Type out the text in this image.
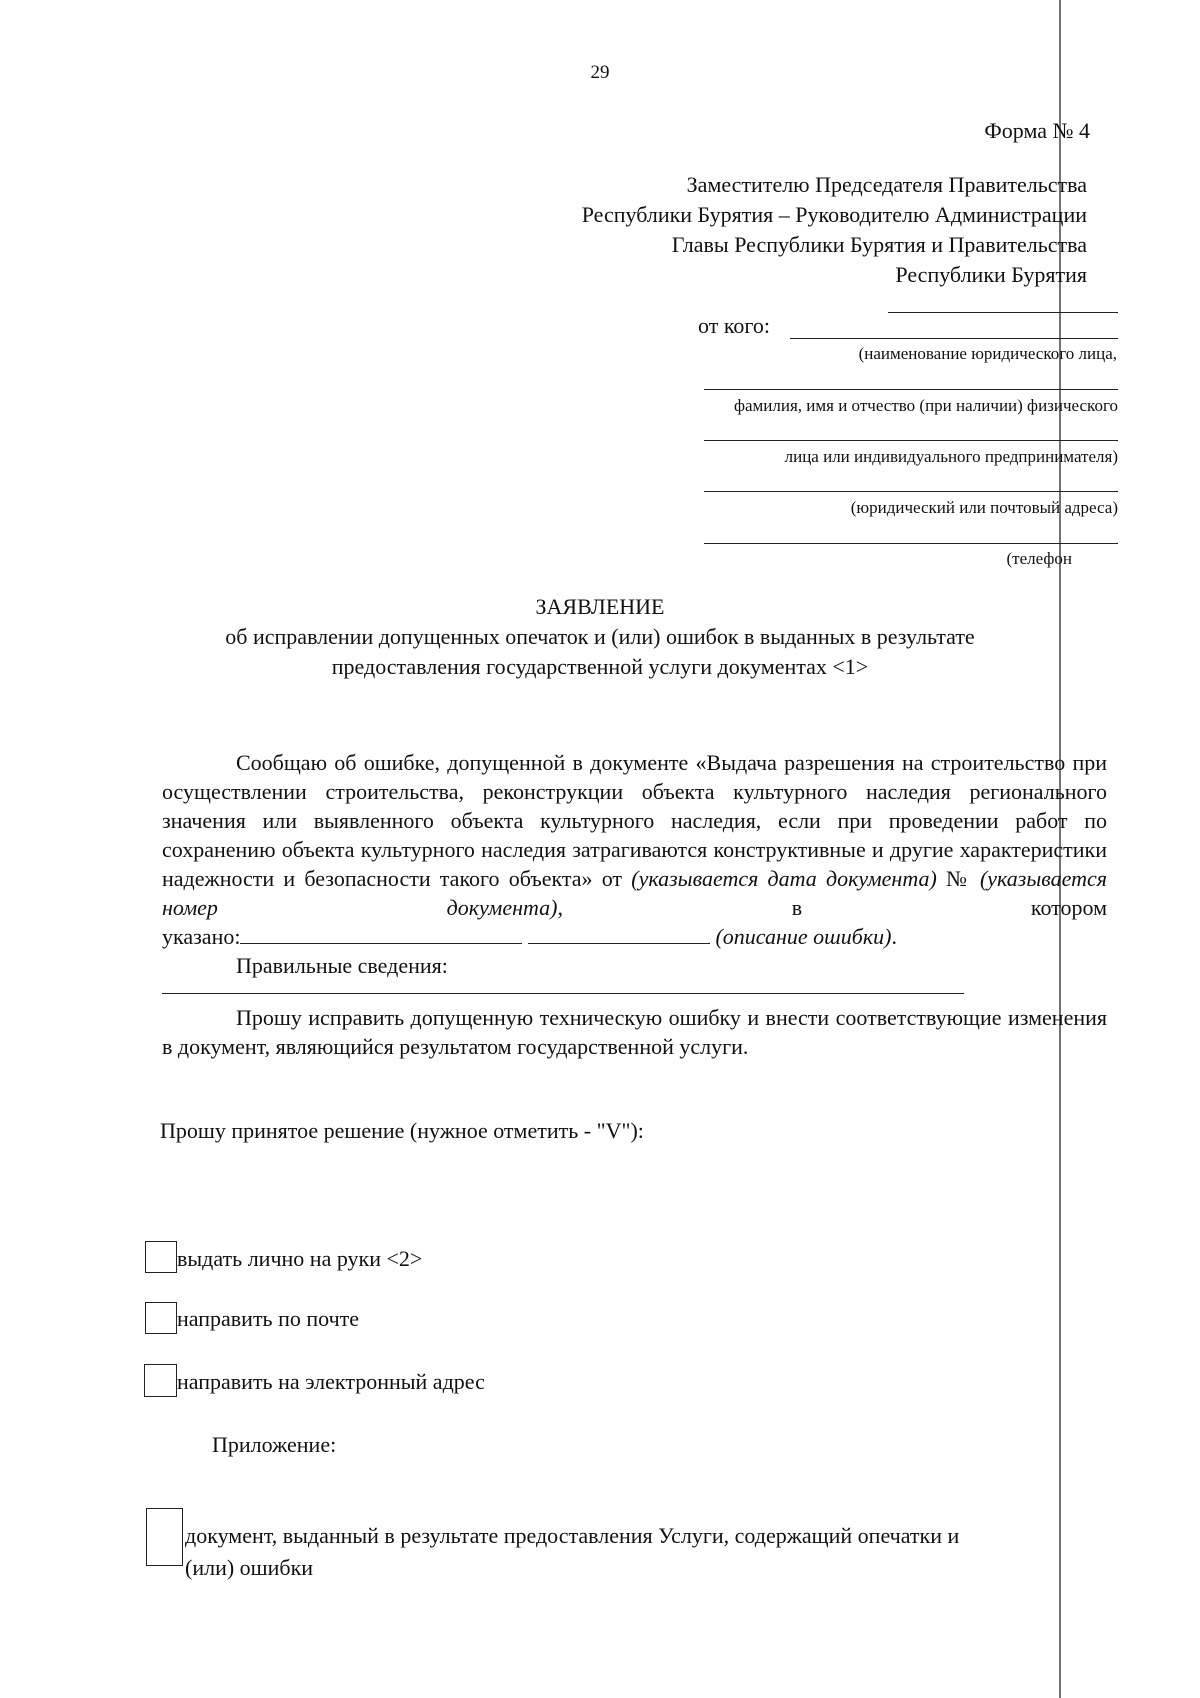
29
Форма № 4
Заместителю Председателя Правительства
Республики Бурятия – Руководителю Администрации
Главы Республики Бурятия и Правительства
Республики Бурятия
от кого:
(наименование юридического лица,
фамилия, имя и отчество (при наличии) физического
лица или индивидуального предпринимателя)
(юридический или почтовый адреса)
(телефон
ЗАЯВЛЕНИЕ
об исправлении допущенных опечаток и (или) ошибок в выданных в результате
предоставления государственной услуги документах <1>
Сообщаю об ошибке, допущенной в документе «Выдача разрешения на строительство при осуществлении строительства, реконструкции объекта культурного наследия регионального значения или выявленного объекта культурного наследия, если при проведении работ по сохранению объекта культурного наследия затрагиваются конструктивные и другие характеристики надежности и безопасности такого объекта» от (указывается дата документа) № (указывается номер документа), в котором
указано:	(описание ошибки).
Правильные сведения:
Прошу исправить допущенную техническую ошибку и внести соответствующие изменения в документ, являющийся результатом государственной услуги.
Прошу принятое решение (нужное отметить - "V"):
выдать лично на руки <2>
направить по почте
направить на электронный адрес
Приложение:
документ, выданный в результате предоставления Услуги, содержащий опечатки и
(или) ошибки
